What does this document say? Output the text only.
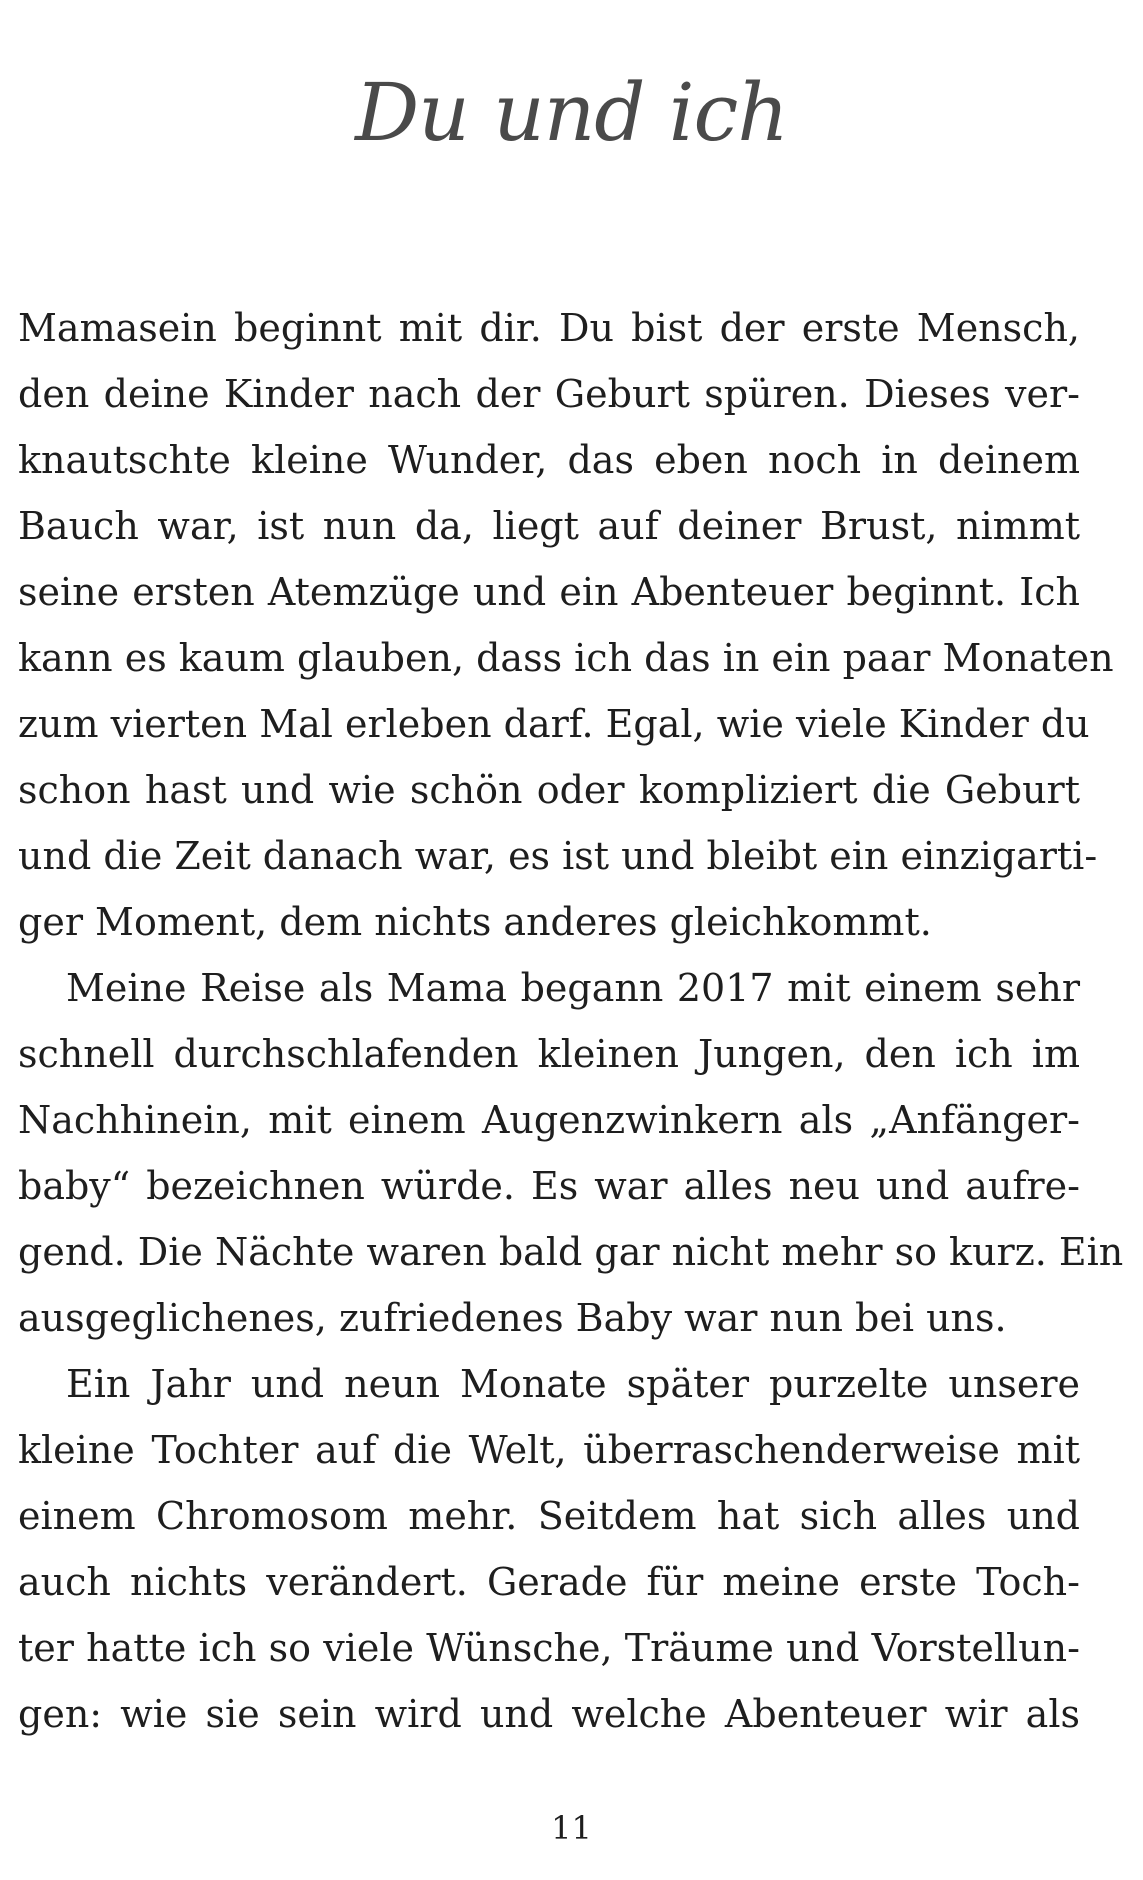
Du und ich
Mamasein beginnt mit dir. Du bist der erste Mensch,
den deine Kinder nach der Geburt spüren. Dieses ver-
knautschte kleine Wunder, das eben noch in deinem
Bauch war, ist nun da, liegt auf deiner Brust, nimmt
seine ersten Atemzüge und ein Abenteuer beginnt. Ich
kann es kaum glauben, dass ich das in ein paar Monaten
zum vierten Mal erleben darf. Egal, wie viele Kinder du
schon hast und wie schön oder kompliziert die Geburt
und die Zeit danach war, es ist und bleibt ein einzigarti-
ger Moment, dem nichts anderes gleichkommt.
Meine Reise als Mama begann 2017 mit einem sehr
schnell durchschlafenden kleinen Jungen, den ich im
Nachhinein, mit einem Augenzwinkern als „Anfänger-
baby“ bezeichnen würde. Es war alles neu und aufre-
gend. Die Nächte waren bald gar nicht mehr so kurz. Ein
ausgeglichenes, zufriedenes Baby war nun bei uns.
Ein Jahr und neun Monate später purzelte unsere
kleine Tochter auf die Welt, überraschenderweise mit
einem Chromosom mehr. Seitdem hat sich alles und
auch nichts verändert. Gerade für meine erste Toch-
ter hatte ich so viele Wünsche, Träume und Vorstellun-
gen: wie sie sein wird und welche Abenteuer wir als
11
